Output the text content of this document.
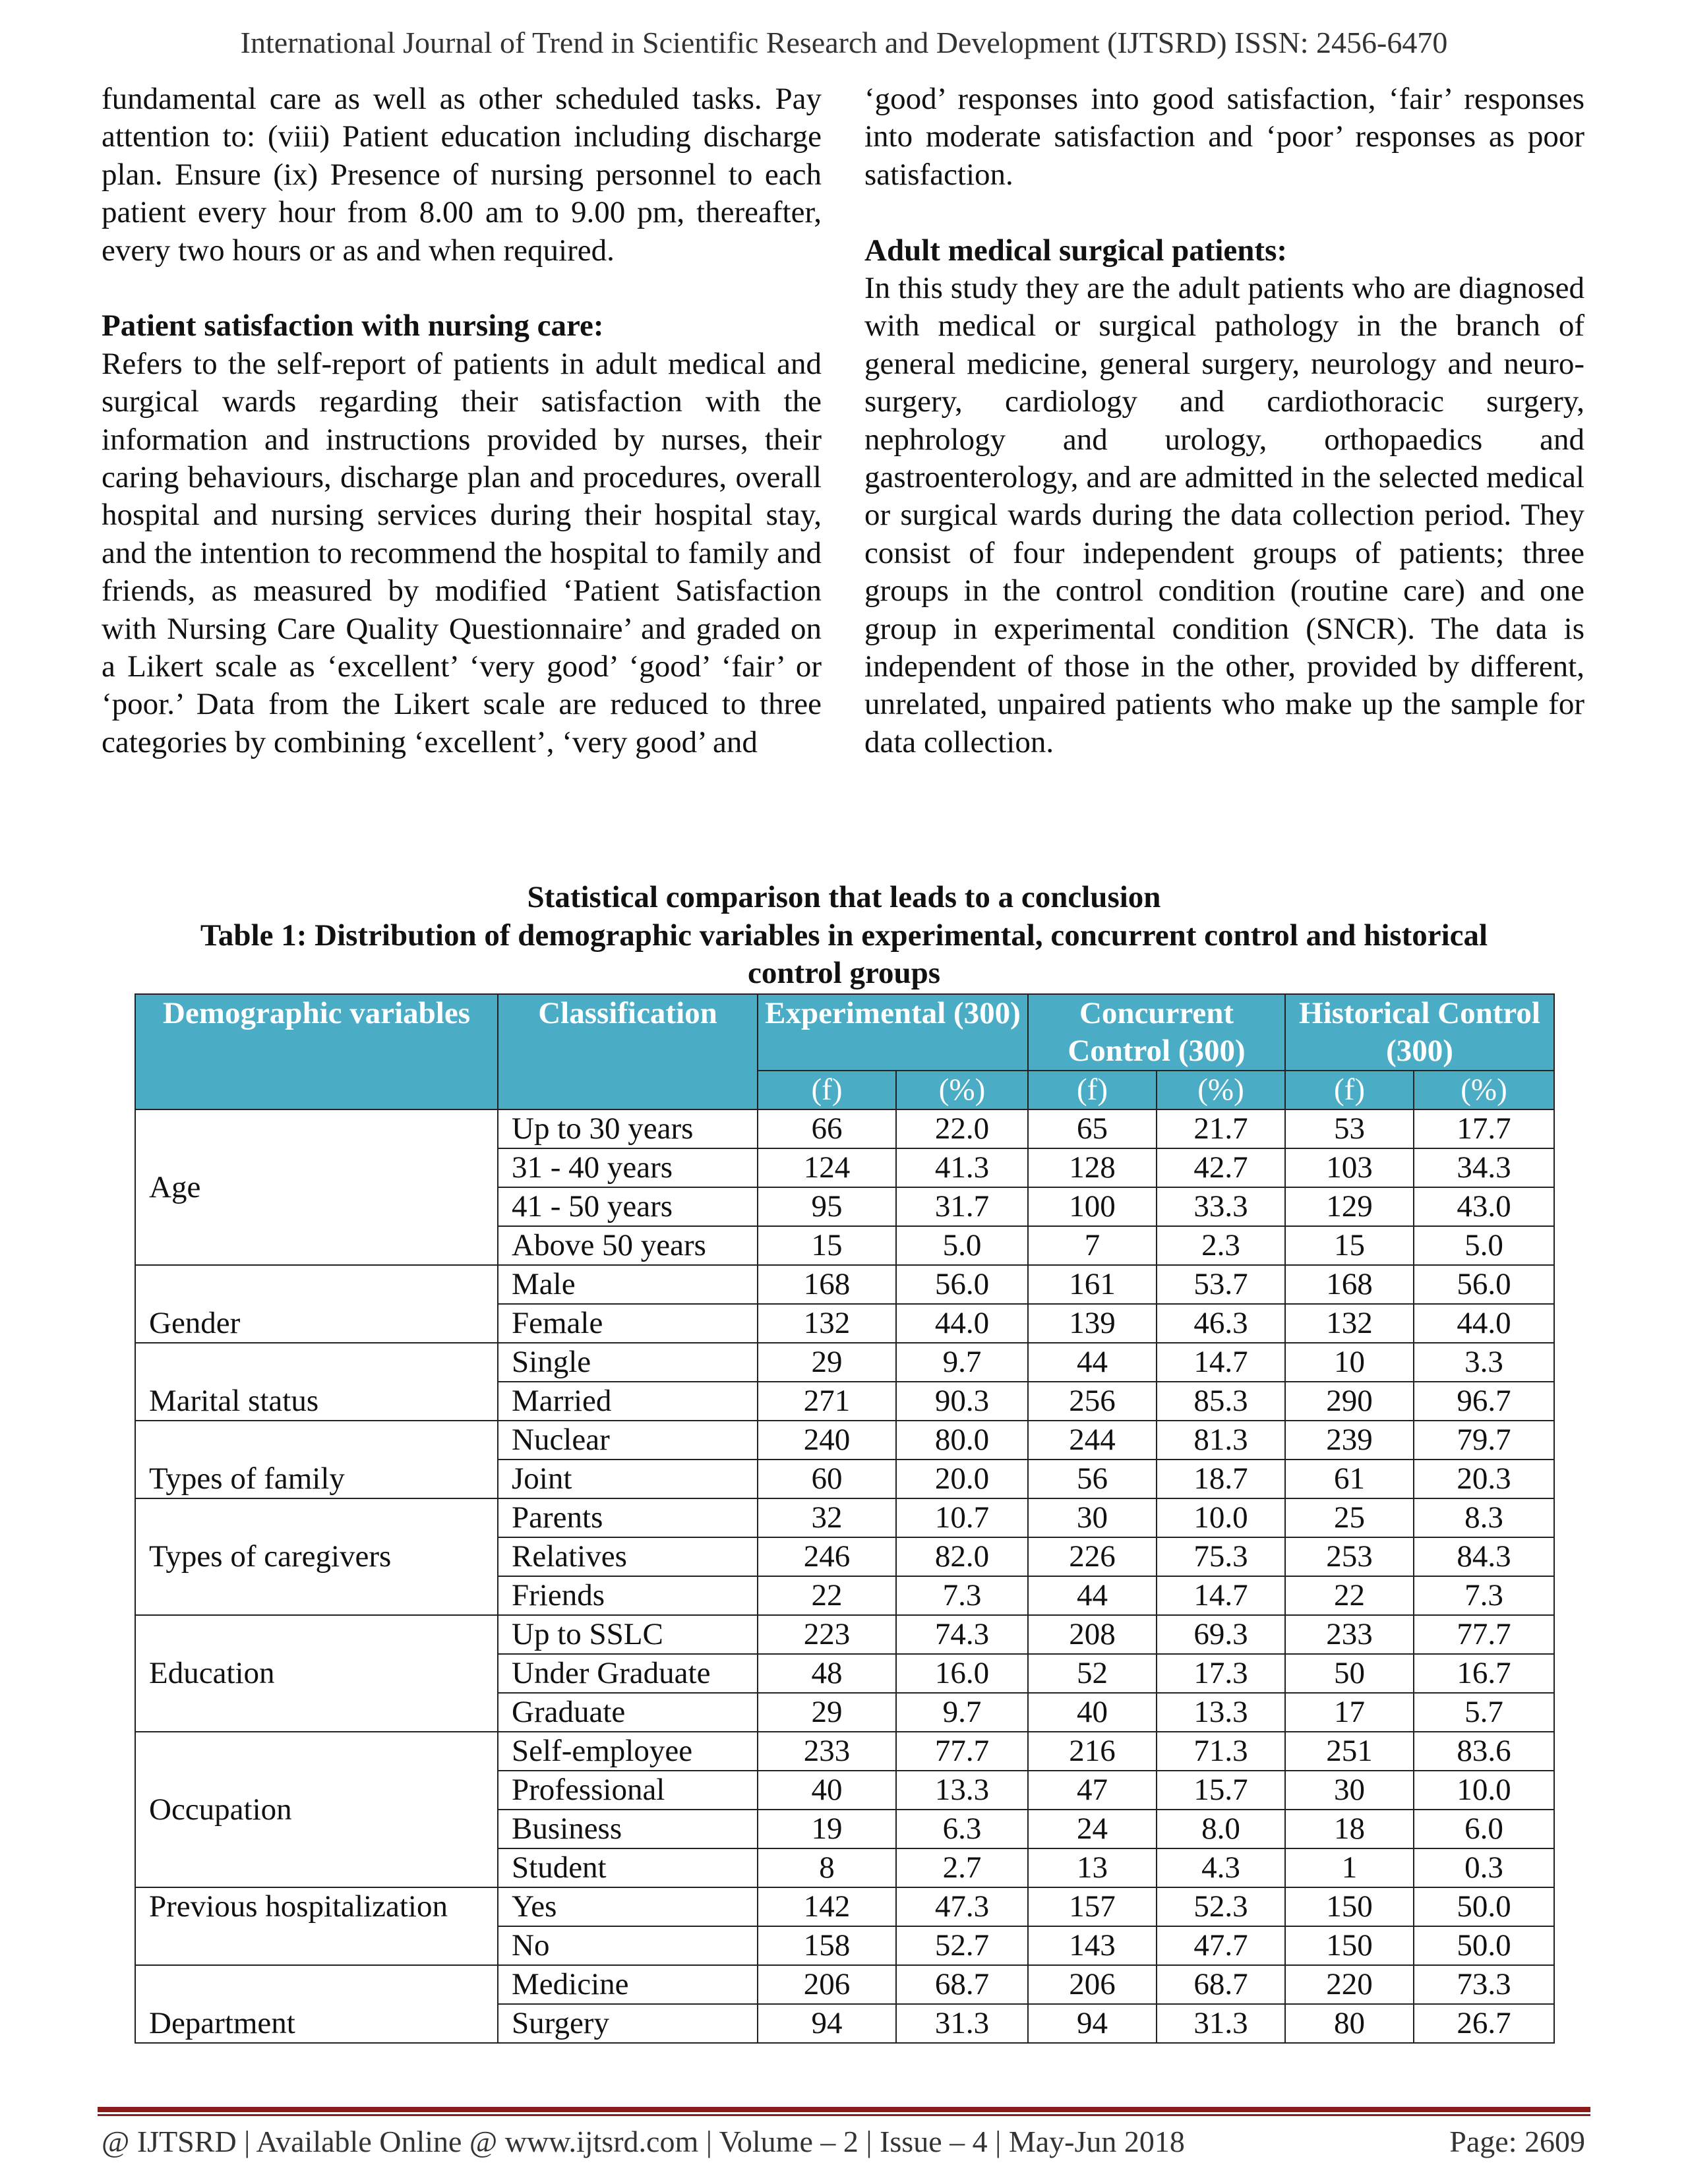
International Journal of Trend in Scientific Research and Development (IJTSRD) ISSN: 2456-6470

fundamental care as well as other scheduled tasks. Pay attention to: (viii) Patient education including discharge plan. Ensure (ix) Presence of nursing personnel to each patient every hour from 8.00 am to 9.00 pm, thereafter, every two hours or as and when required.

Patient satisfaction with nursing care:

Refers to the self-report of patients in adult medical and surgical wards regarding their satisfaction with the information and instructions provided by nurses, their caring behaviours, discharge plan and procedures, overall hospital and nursing services during their hospital stay, and the intention to recommend the hospital to family and friends, as measured by modified ‘Patient Satisfaction with Nursing Care Quality Questionnaire’ and graded on a Likert scale as ‘excellent’ ‘very good’ ‘good’ ‘fair’ or ‘poor.’ Data from the Likert scale are reduced to three categories by combining ‘excellent’, ‘very good’ and

‘good’ responses into good satisfaction, ‘fair’ responses into moderate satisfaction and ‘poor’ responses as poor satisfaction.

Adult medical surgical patients:

In this study they are the adult patients who are diagnosed with medical or surgical pathology in the branch of general medicine, general surgery, neurology and neuro-surgery, cardiology and cardiothoracic surgery, nephrology and urology, orthopaedics and gastroenterology, and are admitted in the selected medical or surgical wards during the data collection period. They consist of four independent groups of patients; three groups in the control condition (routine care) and one group in experimental condition (SNCR). The data is independent of those in the other, provided by different, unrelated, unpaired patients who make up the sample for data collection.

Statistical comparison that leads to a conclusion
Table 1: Distribution of demographic variables in experimental, concurrent control and historical control groups
Demographic variables	Classification	Experimental (300)		Concurrent Control (300)		Historical Control (300)	
		(f)	(%)	(f)	(%)	(f)	(%)
Age	Up to 30 years	66	22.0	65	21.7	53	17.7
	31 - 40 years	124	41.3	128	42.7	103	34.3
	41 - 50 years	95	31.7	100	33.3	129	43.0
	Above 50 years	15	5.0	7	2.3	15	5.0
Gender	Male	168	56.0	161	53.7	168	56.0
	Female	132	44.0	139	46.3	132	44.0
Marital status	Single	29	9.7	44	14.7	10	3.3
	Married	271	90.3	256	85.3	290	96.7
Types of family	Nuclear	240	80.0	244	81.3	239	79.7
	Joint	60	20.0	56	18.7	61	20.3
Types of caregivers	Parents	32	10.7	30	10.0	25	8.3
	Relatives	246	82.0	226	75.3	253	84.3
	Friends	22	7.3	44	14.7	22	7.3
Education	Up to SSLC	223	74.3	208	69.3	233	77.7
	Under Graduate	48	16.0	52	17.3	50	16.7
	Graduate	29	9.7	40	13.3	17	5.7
Occupation	Self-employee	233	77.7	216	71.3	251	83.6
	Professional	40	13.3	47	15.7	30	10.0
	Business	19	6.3	24	8.0	18	6.0
	Student	8	2.7	13	4.3	1	0.3
Previous hospitalization	Yes	142	47.3	157	52.3	150	50.0
	No	158	52.7	143	47.7	150	50.0
Department	Medicine	206	68.7	206	68.7	220	73.3
	Surgery	94	31.3	94	31.3	80	26.7
@ IJTSRD | Available Online @ www.ijtsrd.com | Volume – 2 | Issue – 4 | May-Jun 2018	Page: 2609
